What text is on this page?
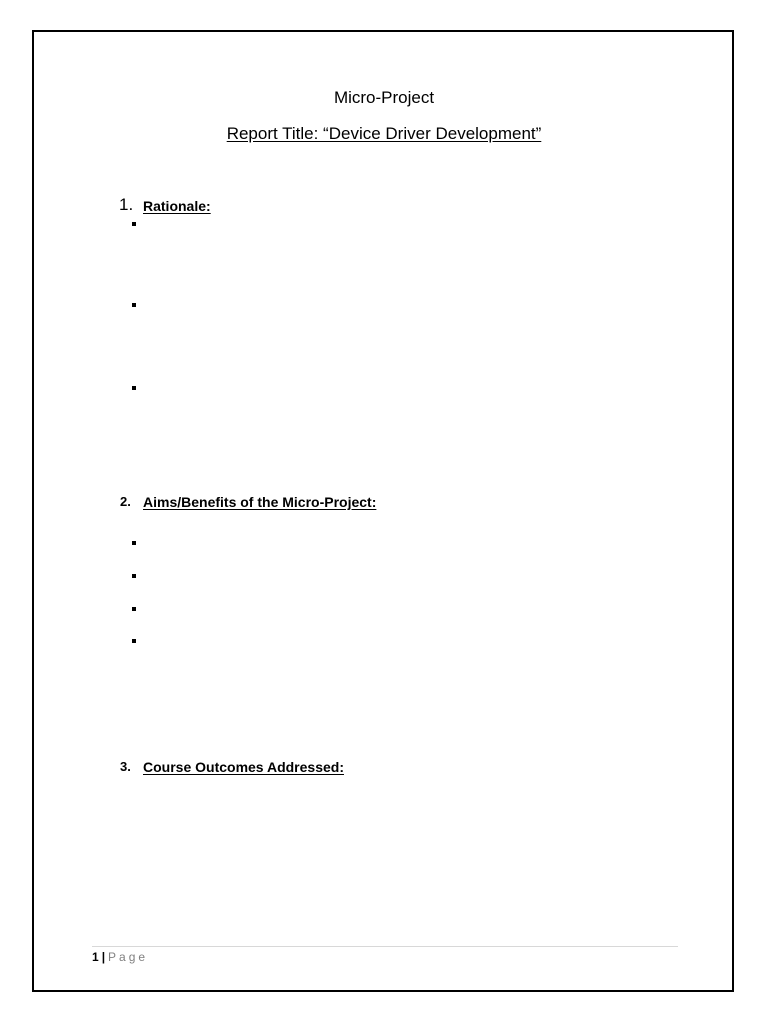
Micro-Project
Report Title: “Device Driver Development”
1. Rationale:
2. Aims/Benefits of the Micro-Project:
3. Course Outcomes Addressed:
1 | Page
